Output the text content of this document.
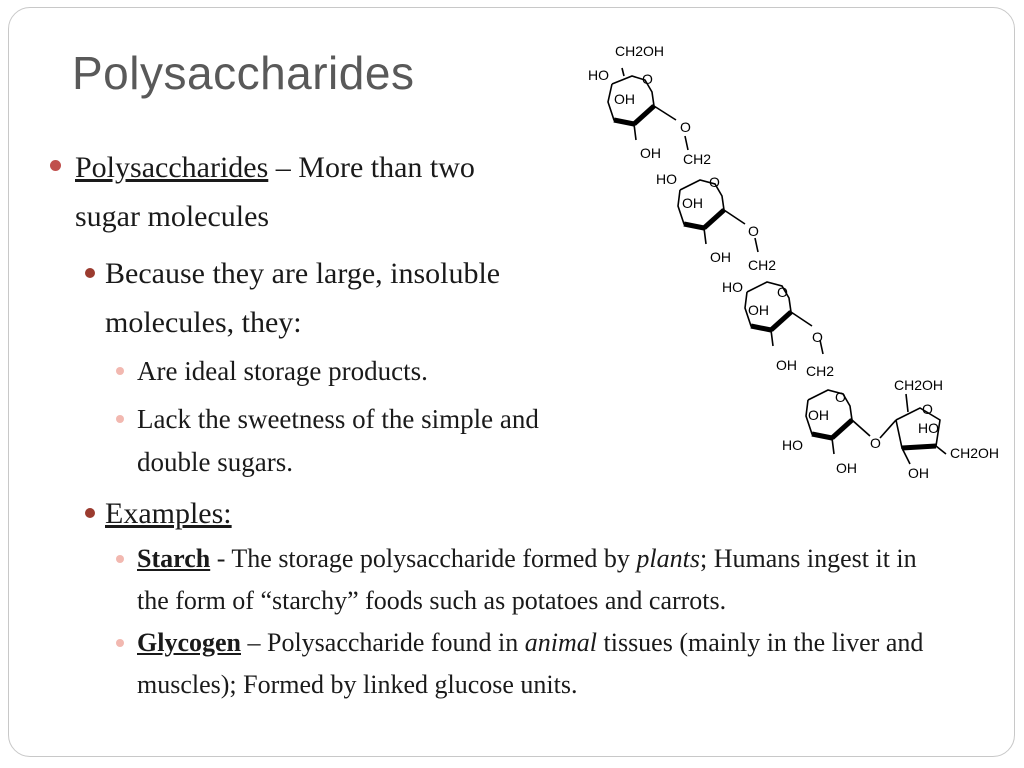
Polysaccharides
Polysaccharides – More than two sugar molecules
Because they are large, insoluble molecules, they:
Are ideal storage products.
Lack the sweetness of the simple and double sugars.
Examples:
Starch - The storage polysaccharide formed by plants; Humans ingest it in the form of “starchy” foods such as potatoes and carrots.
Glycogen – Polysaccharide found in animal tissues (mainly in the liver and muscles); Formed by linked glucose units.
CH2OH
HO O
OH
O
OH CH2
HO O
OH
O
OH CH2
HO O
OH
O
OH CH2
O
OH
HO	O
OH
CH2OH
O
HO
CH2OH
OH
